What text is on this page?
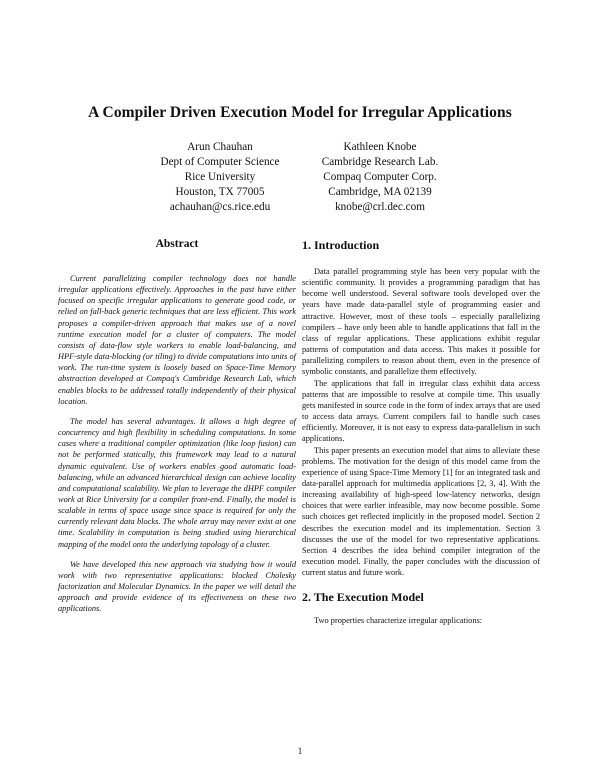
A Compiler Driven Execution Model for Irregular Applications
Arun Chauhan
Dept of Computer Science
Rice University
Houston, TX 77005
achauhan@cs.rice.edu
Kathleen Knobe
Cambridge Research Lab.
Compaq Computer Corp.
Cambridge, MA 02139
knobe@crl.dec.com
Abstract

Current parallelizing compiler technology does not handle irregular applications effectively. Approaches in the past have either focused on specific irregular applications to generate good code, or relied on fall-back generic techniques that are less efficient. This work proposes a compiler-driven approach that makes use of a novel runtime execution model for a cluster of computers. The model consists of data-flow style workers to enable load-balancing, and HPF-style data-blocking (or tiling) to divide computations into units of work. The run-time system is loosely based on Space-Time Memory abstraction developed at Compaq's Cambridge Research Lab, which enables blocks to be addressed totally independently of their physical location.

The model has several advantages. It allows a high degree of concurrency and high flexibility in scheduling computations. In some cases where a traditional compiler optimization (like loop fusion) can not be performed statically, this framework may lead to a natural dynamic equivalent. Use of workers enables good automatic load-balancing, while an advanced hierarchical design can achieve locality and computational scalability. We plan to leverage the dHPF compiler work at Rice University for a compiler front-end. Finally, the model is scalable in terms of space usage since space is required for only the currently relevant data blocks. The whole array may never exist at one time. Scalability in computation is being studied using hierarchical mapping of the model onto the underlying topology of a cluster.

We have developed this new approach via studying how it would work with two representative applications: blocked Cholesky factorization and Molecular Dynamics. In the paper we will detail the approach and provide evidence of its effectiveness on these two applications.

1. Introduction

Data parallel programming style has been very popular with the scientific community. It provides a programming paradigm that has become well understood. Several software tools developed over the years have made data-parallel style of programming easier and attractive. However, most of these tools – especially parallelizing compilers – have only been able to handle applications that fall in the class of regular applications. These applications exhibit regular patterns of computation and data access. This makes it possible for parallelizing compilers to reason about them, even in the presence of symbolic constants, and parallelize them effectively.

The applications that fall in irregular class exhibit data access patterns that are impossible to resolve at compile time. This usually gets manifested in source code in the form of index arrays that are used to access data arrays. Current compilers fail to handle such cases efficiently. Moreover, it is not easy to express data-parallelism in such applications.

This paper presents an execution model that aims to alleviate these problems. The motivation for the design of this model came from the experience of using Space-Time Memory [1] for an integrated task and data-parallel approach for multimedia applications [2, 3, 4]. With the increasing availability of high-speed low-latency networks, design choices that were earlier infeasible, may now become possible. Some such choices get reflected implicitly in the proposed model. Section 2 describes the execution model and its implementation. Section 3 discusses the use of the model for two representative applications. Section 4 describes the idea behind compiler integration of the execution model. Finally, the paper concludes with the discussion of current status and future work.

2. The Execution Model

Two properties characterize irregular applications:

1
